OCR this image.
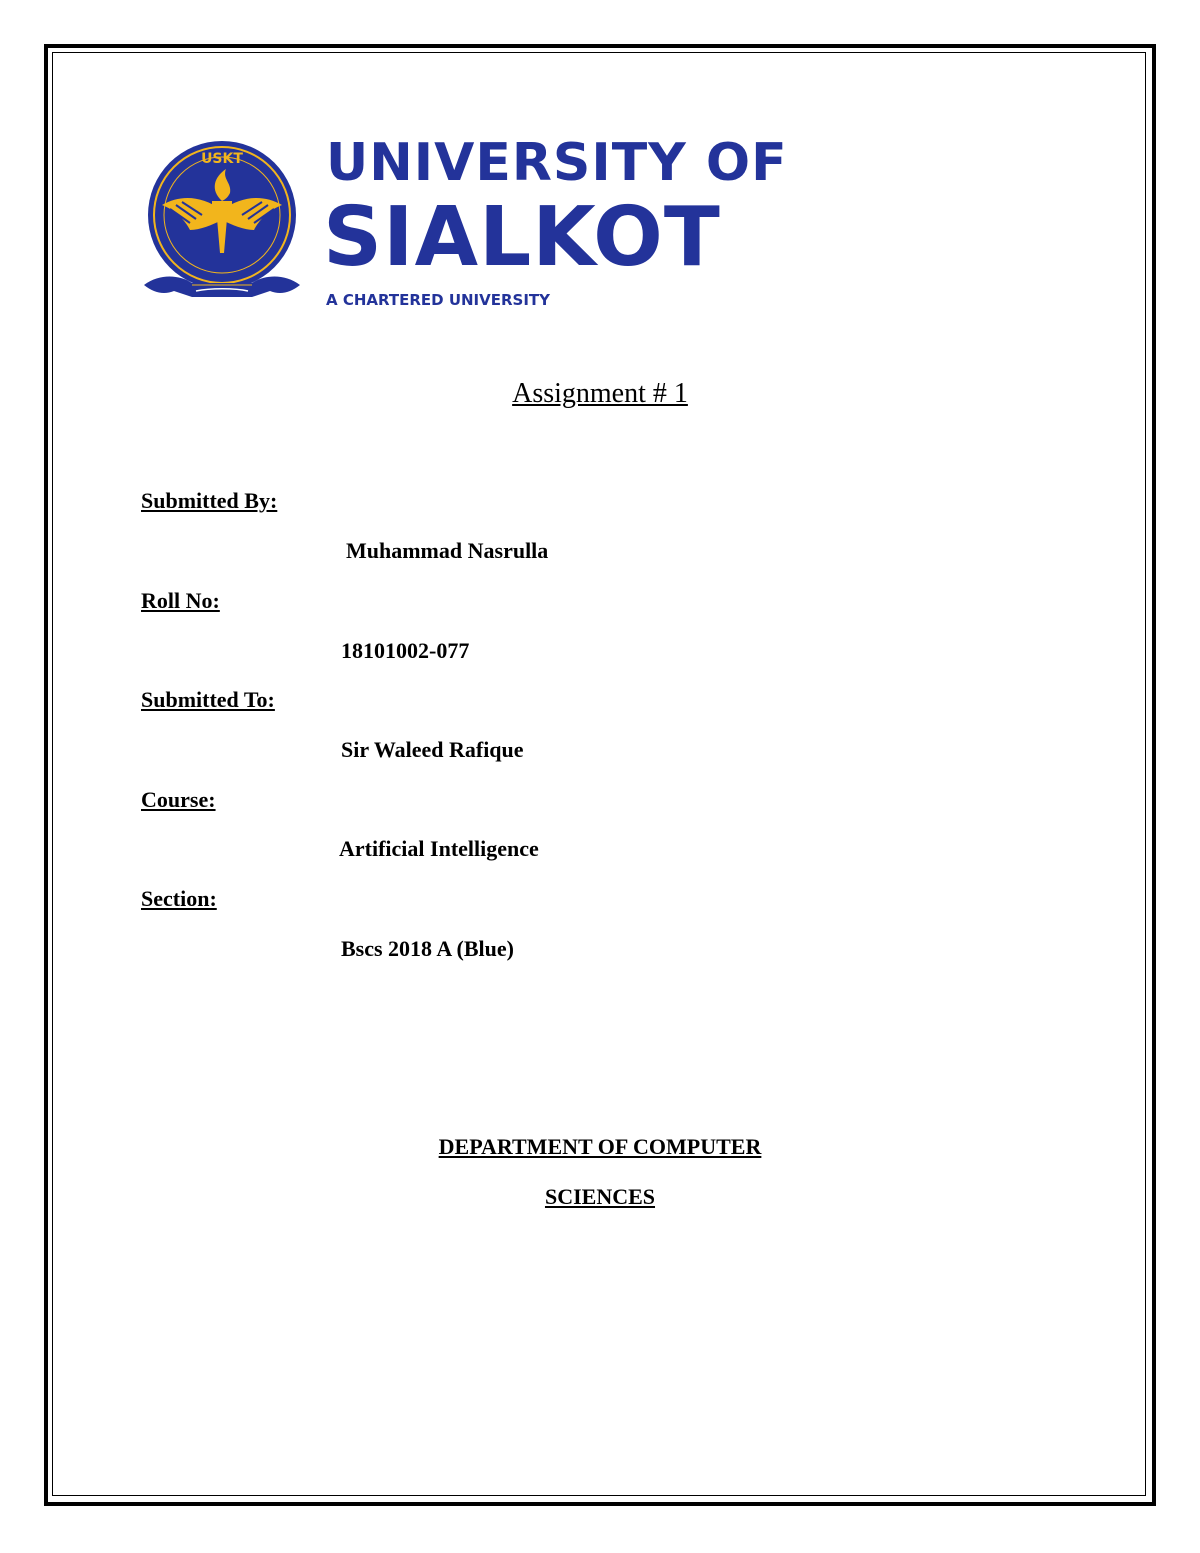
USKT UNIVERSITY OF
SIALKOT
A CHARTERED UNIVERSITY
Assignment # 1
Submitted By:
Muhammad Nasrulla
Roll No:
18101002-077
Submitted To:
Sir Waleed Rafique
Course:
Artificial Intelligence
Section:
Bscs 2018 A (Blue)
DEPARTMENT OF COMPUTER
SCIENCES
